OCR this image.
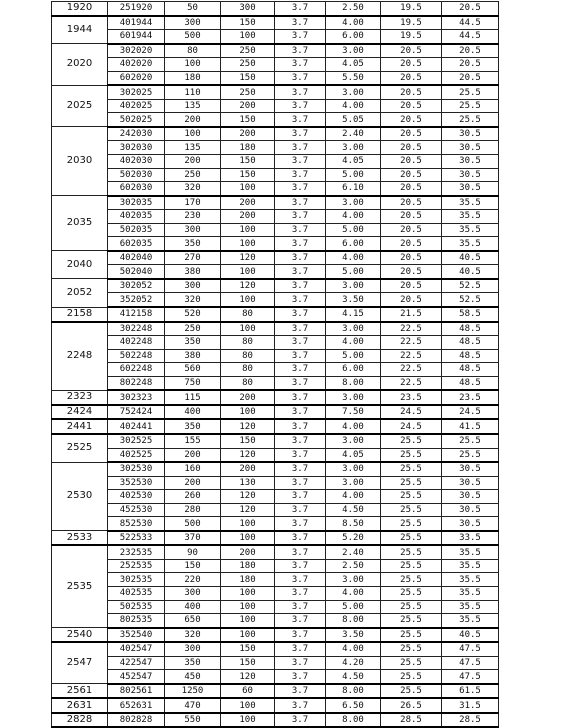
1920	251920	50	300	3.7	2.50	19.5	20.5
1944	401944	300	150	3.7	4.00	19.5	44.5
	601944	500	100	3.7	6.00	19.5	44.5
2020	302020	80	250	3.7	3.00	20.5	20.5
	402020	100	250	3.7	4.05	20.5	20.5
	602020	180	150	3.7	5.50	20.5	20.5
2025	302025	110	250	3.7	3.00	20.5	25.5
	402025	135	200	3.7	4.00	20.5	25.5
	502025	200	150	3.7	5.05	20.5	25.5
2030	242030	100	200	3.7	2.40	20.5	30.5
	302030	135	180	3.7	3.00	20.5	30.5
	402030	200	150	3.7	4.05	20.5	30.5
	502030	250	150	3.7	5.00	20.5	30.5
	602030	320	100	3.7	6.10	20.5	30.5
2035	302035	170	200	3.7	3.00	20.5	35.5
	402035	230	200	3.7	4.00	20.5	35.5
	502035	300	100	3.7	5.00	20.5	35.5
	602035	350	100	3.7	6.00	20.5	35.5
2040	402040	270	120	3.7	4.00	20.5	40.5
	502040	380	100	3.7	5.00	20.5	40.5
2052	302052	300	120	3.7	3.00	20.5	52.5
	352052	320	100	3.7	3.50	20.5	52.5
2158	412158	520	80	3.7	4.15	21.5	58.5
2248	302248	250	100	3.7	3.00	22.5	48.5
	402248	350	80	3.7	4.00	22.5	48.5
	502248	380	80	3.7	5.00	22.5	48.5
	602248	560	80	3.7	6.00	22.5	48.5
	802248	750	80	3.7	8.00	22.5	48.5
2323	302323	115	200	3.7	3.00	23.5	23.5
2424	752424	400	100	3.7	7.50	24.5	24.5
2441	402441	350	120	3.7	4.00	24.5	41.5
2525	302525	155	150	3.7	3.00	25.5	25.5
	402525	200	120	3.7	4.05	25.5	25.5
2530	302530	160	200	3.7	3.00	25.5	30.5
	352530	200	130	3.7	3.00	25.5	30.5
	402530	260	120	3.7	4.00	25.5	30.5
	452530	280	120	3.7	4.50	25.5	30.5
	852530	500	100	3.7	8.50	25.5	30.5
2533	522533	370	100	3.7	5.20	25.5	33.5
2535	232535	90	200	3.7	2.40	25.5	35.5
	252535	150	180	3.7	2.50	25.5	35.5
	302535	220	180	3.7	3.00	25.5	35.5
	402535	300	100	3.7	4.00	25.5	35.5
	502535	400	100	3.7	5.00	25.5	35.5
	802535	650	100	3.7	8.00	25.5	35.5
2540	352540	320	100	3.7	3.50	25.5	40.5
2547	402547	300	150	3.7	4.00	25.5	47.5
	422547	350	150	3.7	4.20	25.5	47.5
	452547	450	120	3.7	4.50	25.5	47.5
2561	802561	1250	60	3.7	8.00	25.5	61.5
2631	652631	470	100	3.7	6.50	26.5	31.5
2828	802828	550	100	3.7	8.00	28.5	28.5
